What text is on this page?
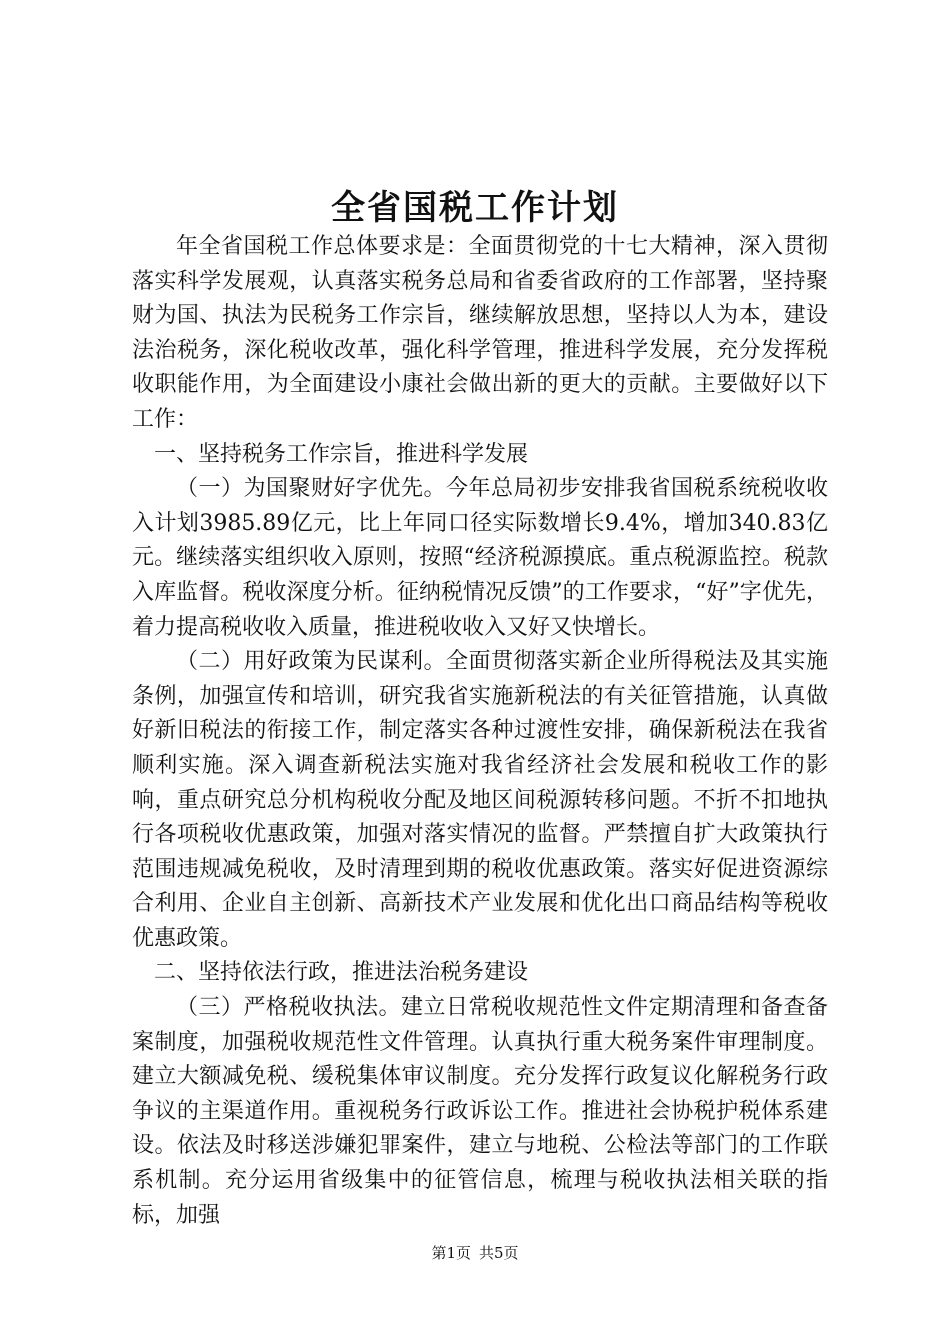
全省国税工作计划

年全省国税工作总体要求是：全面贯彻党的十七大精神，深入贯彻落实科学发展观，认真落实税务总局和省委省政府的工作部署，坚持聚财为国、执法为民税务工作宗旨，继续解放思想，坚持以人为本，建设法治税务，深化税收改革，强化科学管理，推进科学发展，充分发挥税收职能作用，为全面建设小康社会做出新的更大的贡献。主要做好以下工作：

一、坚持税务工作宗旨，推进科学发展

（一）为国聚财好字优先。今年总局初步安排我省国税系统税收收入计划3985.89亿元，比上年同口径实际数增长9.4%，增加340.83亿元。继续落实组织收入原则，按照“经济税源摸底。重点税源监控。税款入库监督。税收深度分析。征纳税情况反馈”的工作要求，“好”字优先，着力提高税收收入质量，推进税收收入又好又快增长。

（二）用好政策为民谋利。全面贯彻落实新企业所得税法及其实施条例，加强宣传和培训，研究我省实施新税法的有关征管措施，认真做好新旧税法的衔接工作，制定落实各种过渡性安排，确保新税法在我省顺利实施。深入调查新税法实施对我省经济社会发展和税收工作的影响，重点研究总分机构税收分配及地区间税源转移问题。不折不扣地执行各项税收优惠政策，加强对落实情况的监督。严禁擅自扩大政策执行范围违规减免税收，及时清理到期的税收优惠政策。落实好促进资源综合利用、企业自主创新、高新技术产业发展和优化出口商品结构等税收优惠政策。

二、坚持依法行政，推进法治税务建设

（三）严格税收执法。建立日常税收规范性文件定期清理和备查备案制度，加强税收规范性文件管理。认真执行重大税务案件审理制度。建立大额减免税、缓税集体审议制度。充分发挥行政复议化解税务行政争议的主渠道作用。重视税务行政诉讼工作。推进社会协税护税体系建设。依法及时移送涉嫌犯罪案件，建立与地税、公检法等部门的工作联系机制。充分运用省级集中的征管信息，梳理与税收执法相关联的指标，加强

第1页 共5页
